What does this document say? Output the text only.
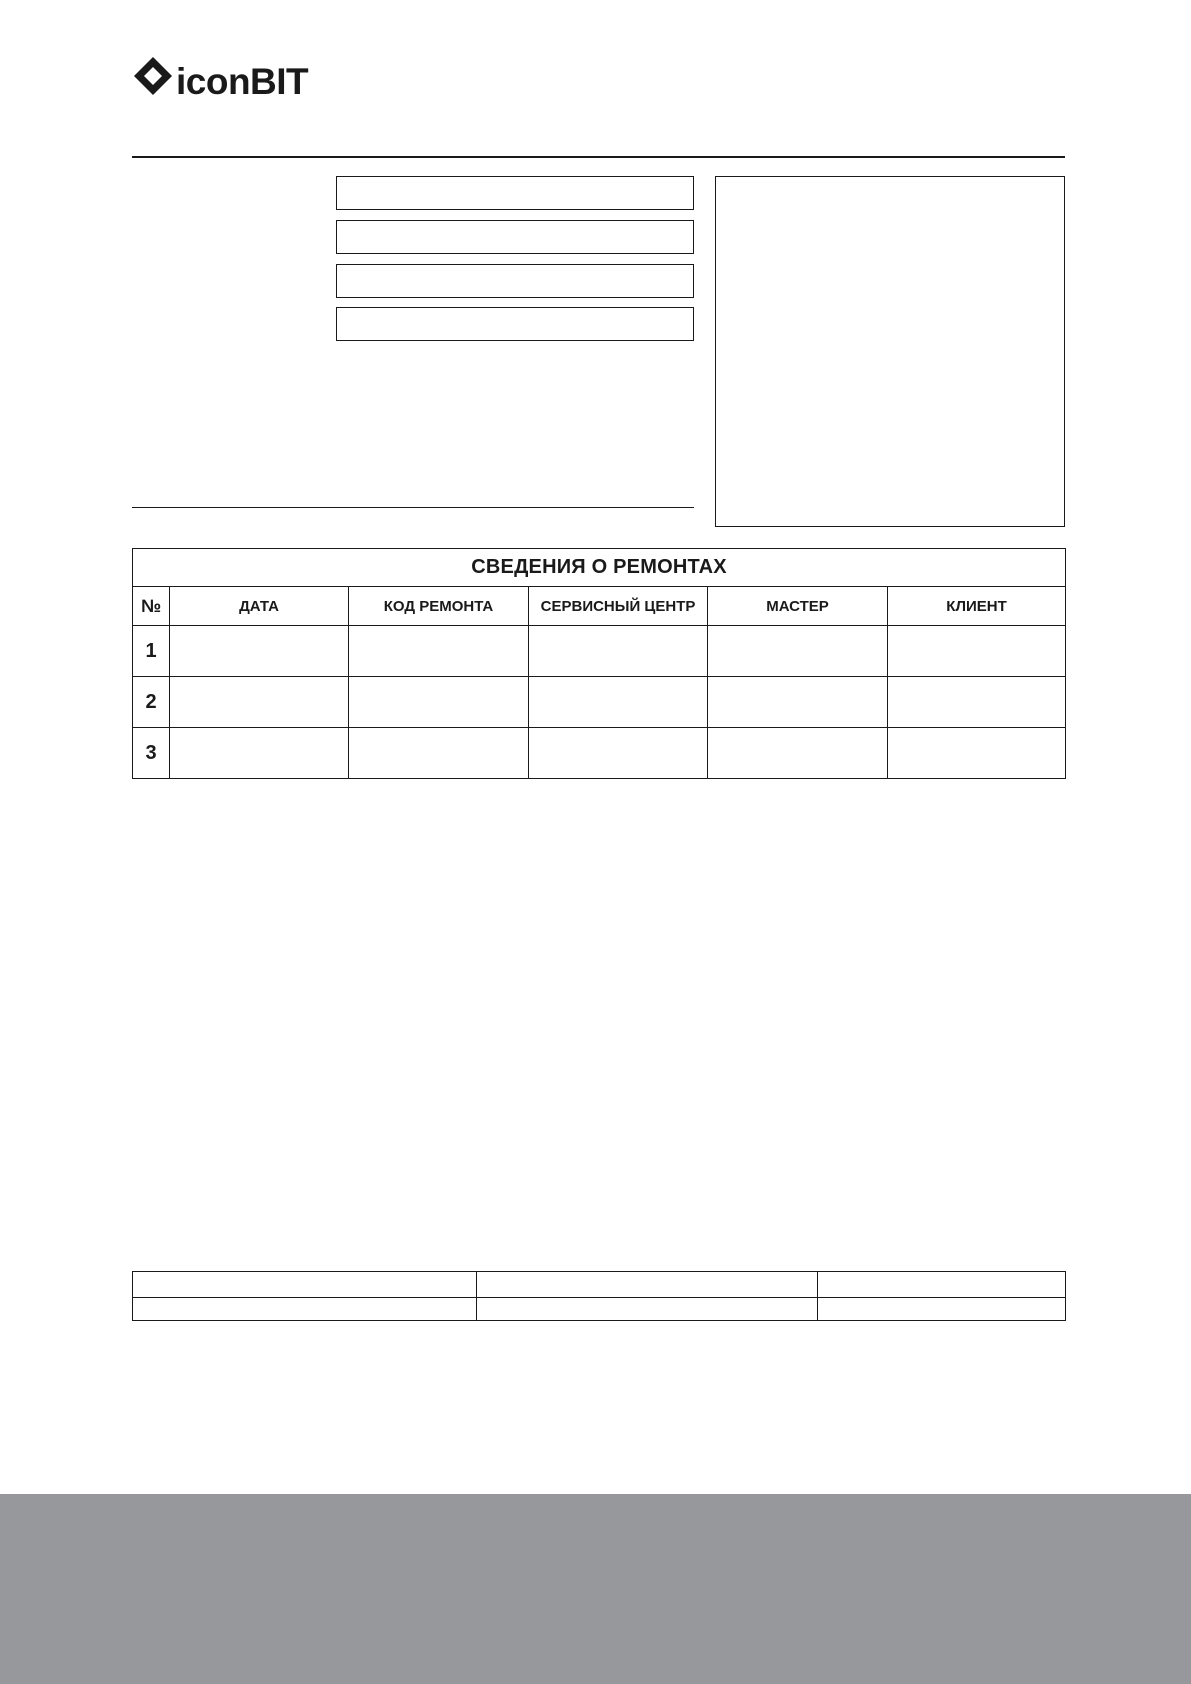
iconBIT
СВЕДЕНИЯ О РЕМОНТАХ					
№	ДАТА	КОД РЕМОНТА	СЕРВИСНЫЙ ЦЕНТР	МАСТЕР	КЛИЕНТ
1					
2					
3					
